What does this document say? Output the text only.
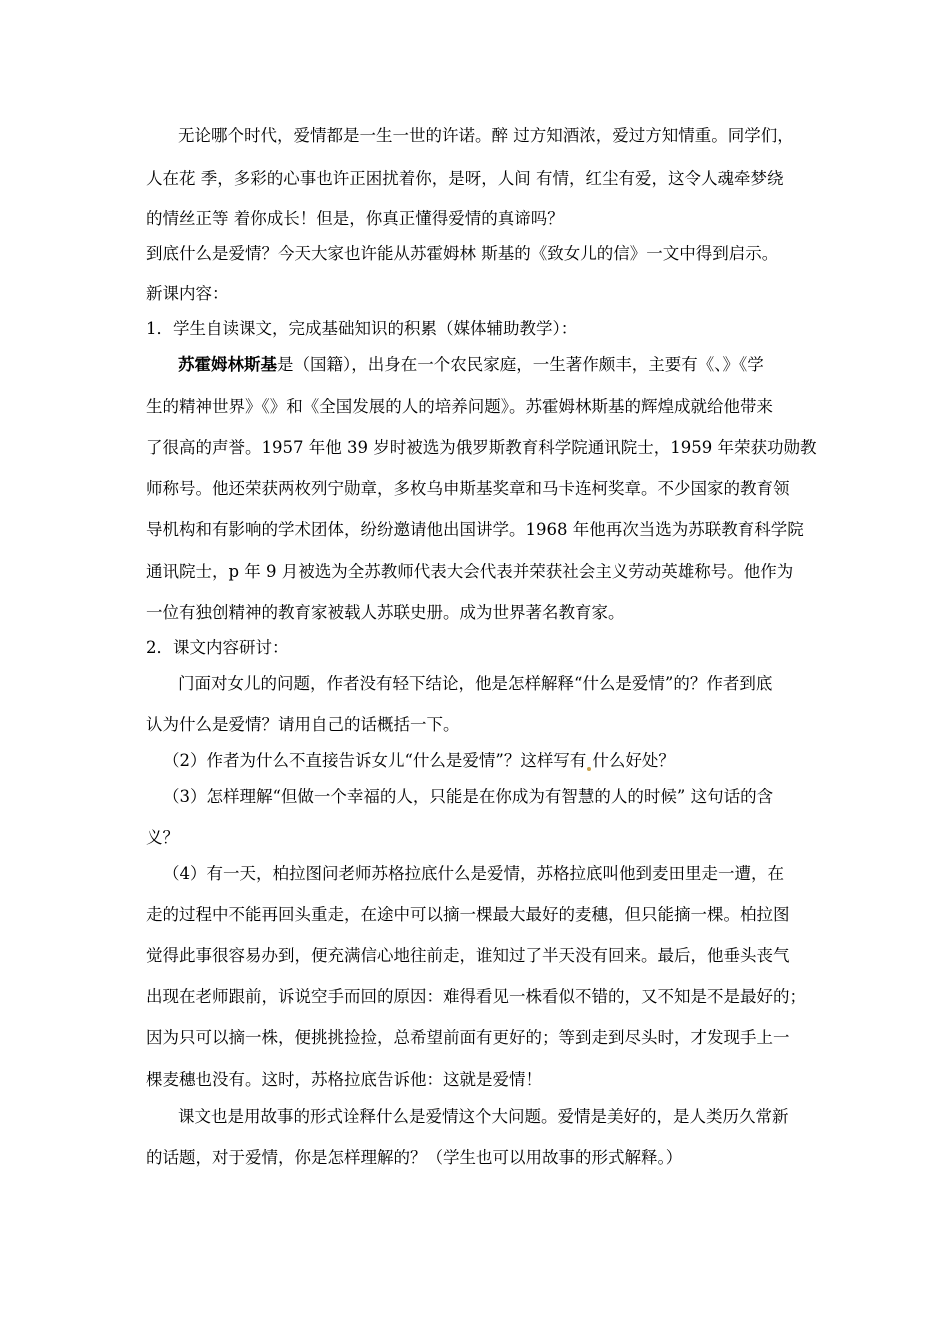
无论哪个时代，爱情都是一生一世的许诺。醉 过方知酒浓，爱过方知情重。同学们，
人在花 季，多彩的心事也许正困扰着你，是呀，人间 有情，红尘有爱，这令人魂牵梦绕
的情丝正等 着你成长！但是，你真正懂得爱情的真谛吗？
到底什么是爱情？今天大家也许能从苏霍姆林 斯基的《致女儿的信》一文中得到启示。
新课内容：
1．学生自读课文，完成基础知识的积累（媒体辅助教学）：
苏霍姆林斯基是（国籍），出身在一个农民家庭，一生著作颇丰，主要有《、》《学
生的精神世界》《》和《全国发展的人的培养问题》。苏霍姆林斯基的辉煌成就给他带来
了很高的声誉。1957 年他 39 岁时被选为俄罗斯教育科学院通讯院士，1959 年荣获功勋教
师称号。他还荣获两枚列宁勋章，多枚乌申斯基奖章和马卡连柯奖章。不少国家的教育领
导机构和有影响的学术团体，纷纷邀请他出国讲学。1968 年他再次当选为苏联教育科学院
通讯院士，p 年 9 月被选为全苏教师代表大会代表并荣获社会主义劳动英雄称号。他作为
一位有独创精神的教育家被载人苏联史册。成为世界著名教育家。
2．课文内容研讨：
门面对女儿的问题，作者没有轻下结论，他是怎样解释“什么是爱情”的？作者到底
认为什么是爱情？请用自己的话概括一下。
（2）作者为什么不直接告诉女儿“什么是爱情”？这样写有 什么好处？
（3）怎样理解“但做一个幸福的人，只能是在你成为有智慧的人的时候” 这句话的含
义？
（4）有一天，柏拉图问老师苏格拉底什么是爱情，苏格拉底叫他到麦田里走一遭，在
走的过程中不能再回头重走，在途中可以摘一棵最大最好的麦穗，但只能摘一棵。柏拉图
觉得此事很容易办到，便充满信心地往前走，谁知过了半天没有回来。最后，他垂头丧气
出现在老师跟前，诉说空手而回的原因：难得看见一株看似不错的，又不知是不是最好的；
因为只可以摘一株，便挑挑捡捡，总希望前面有更好的；等到走到尽头时，才发现手上一
棵麦穗也没有。这时，苏格拉底告诉他：这就是爱情！
课文也是用故事的形式诠释什么是爱情这个大问题。爱情是美好的，是人类历久常新
的话题，对于爱情，你是怎样理解的？（学生也可以用故事的形式解释。）
